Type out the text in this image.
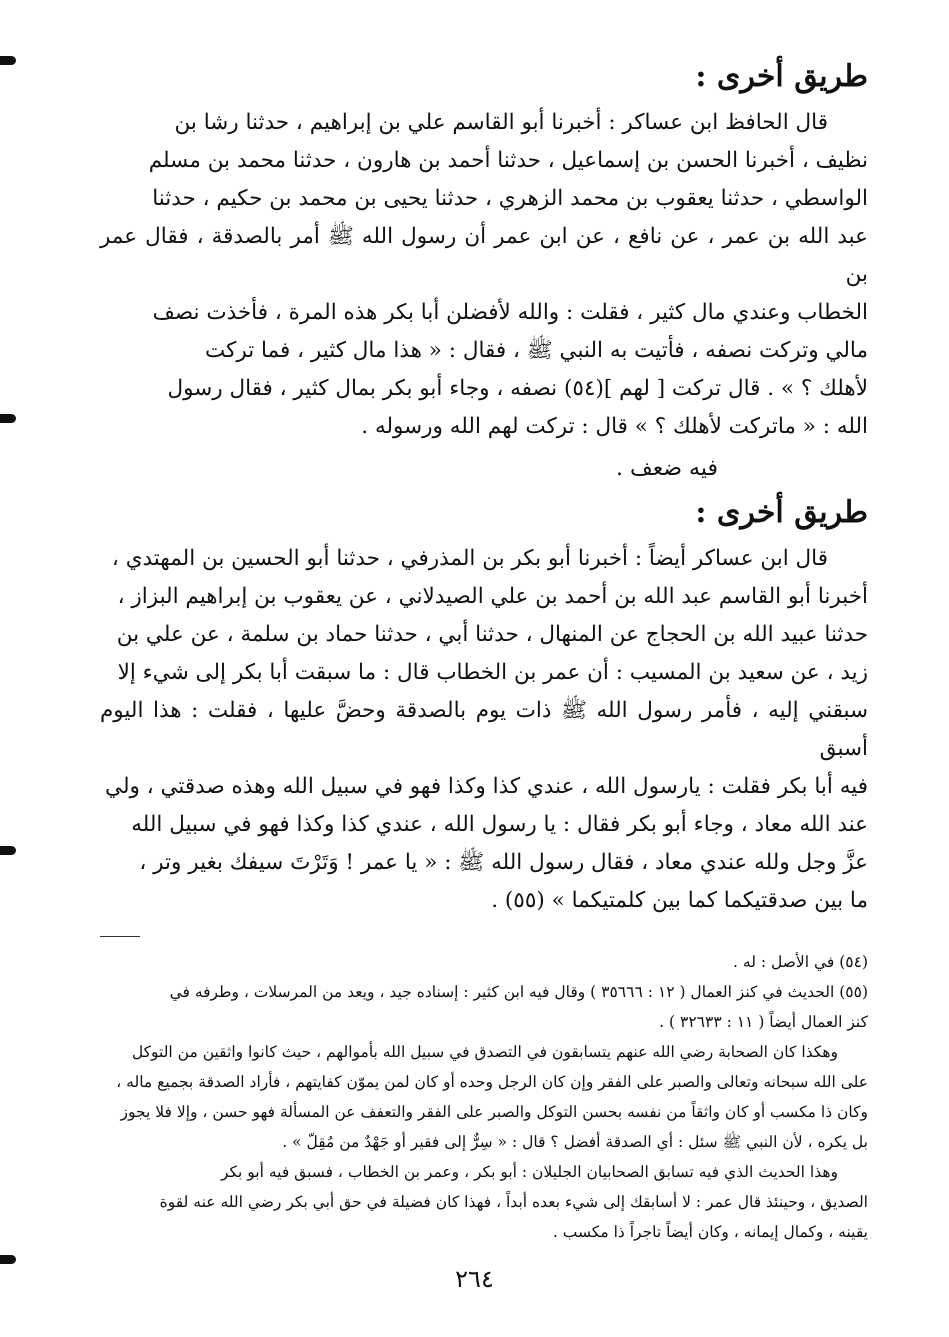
طريق أخرى :

قال الحافظ ابن عساكر : أخبرنا أبو القاسم علي بن إبراهيم ، حدثنا رشا بن

نظيف ، أخبرنا الحسن بن إسماعيل ، حدثنا أحمد بن هارون ، حدثنا محمد بن مسلم

الواسطي ، حدثنا يعقوب بن محمد الزهري ، حدثنا يحيى بن محمد بن حكيم ، حدثنا

عبد الله بن عمر ، عن نافع ، عن ابن عمر أن رسول الله ﷺ أمر بالصدقة ، فقال عمر بن

الخطاب وعندي مال كثير ، فقلت : والله لأفضلن أبا بكر هذه المرة ، فأخذت نصف

مالي وتركت نصفه ، فأتيت به النبي ﷺ ، فقال : « هذا مال كثير ، فما تركت

لأهلك ؟ » . قال تركت [ لهم ](٥٤) نصفه ، وجاء أبو بكر بمال كثير ، فقال رسول

الله : « ماتركت لأهلك ؟ » قال : تركت لهم الله ورسوله .

فيه ضعف .

طريق أخرى :

قال ابن عساكر أيضاً : أخبرنا أبو بكر بن المذرفي ، حدثنا أبو الحسين بن المهتدي ،

أخبرنا أبو القاسم عبد الله بن أحمد بن علي الصيدلاني ، عن يعقوب بن إبراهيم البزاز ،

حدثنا عبيد الله بن الحجاج عن المنهال ، حدثنا أبي ، حدثنا حماد بن سلمة ، عن علي بن

زيد ، عن سعيد بن المسيب : أن عمر بن الخطاب قال : ما سبقت أبا بكر إلى شيء إلا

سبقني إليه ، فأمر رسول الله ﷺ ذات يوم بالصدقة وحضَّ عليها ، فقلت : هذا اليوم أسبق

فيه أبا بكر فقلت : يارسول الله ، عندي كذا وكذا فهو في سبيل الله وهذه صدقتي ، ولي

عند الله معاد ، وجاء أبو بكر فقال : يا رسول الله ، عندي كذا وكذا فهو في سبيل الله

عزَّ وجل ولله عندي معاد ، فقال رسول الله ﷺ : « يا عمر ! وَتَرْتَ سيفك بغير وتر ،

ما بين صدقتيكما كما بين كلمتيكما » (٥٥) .

(٥٤) في الأصل : له .

(٥٥) الحديث في كنز العمال ( ١٢ : ٣٥٦٦٦ ) وقال فيه ابن كثير : إسناده جيد ، ويعد من المرسلات ، وطرفه في

كنز العمال أيضاً ( ١١ : ٣٢٦٣٣ ) .

وهكذا كان الصحابة رضي الله عنهم يتسابقون في التصدق في سبيل الله بأموالهم ، حيث كانوا واثقين من التوكل

على الله سبحانه وتعالى والصبر على الفقر وإن كان الرجل وحده أو كان لمن يموّن كفايتهم ، فأراد الصدقة بجميع ماله ،

وكان ذا مكسب أو كان واثقاً من نفسه بحسن التوكل والصبر على الفقر والتعفف عن المسألة فهو حسن ، وإلا فلا يجوز

بل يكره ، لأن النبي ﷺ سئل : أي الصدقة أفضل ؟ قال : « سِرٌّ إلى فقير أو جَهْدٌ من مُقِلّ » .

وهذا الحديث الذي فيه تسابق الصحابيان الجليلان : أبو بكر ، وعمر بن الخطاب ، فسبق فيه أبو بكر

الصديق ، وحينئذ قال عمر : لا أسابقك إلى شيء بعده أبداً ، فهذا كان فضيلة في حق أبي بكر رضي الله عنه لقوة

يقينه ، وكمال إيمانه ، وكان أيضاً تاجراً ذا مكسب .

٢٦٤
